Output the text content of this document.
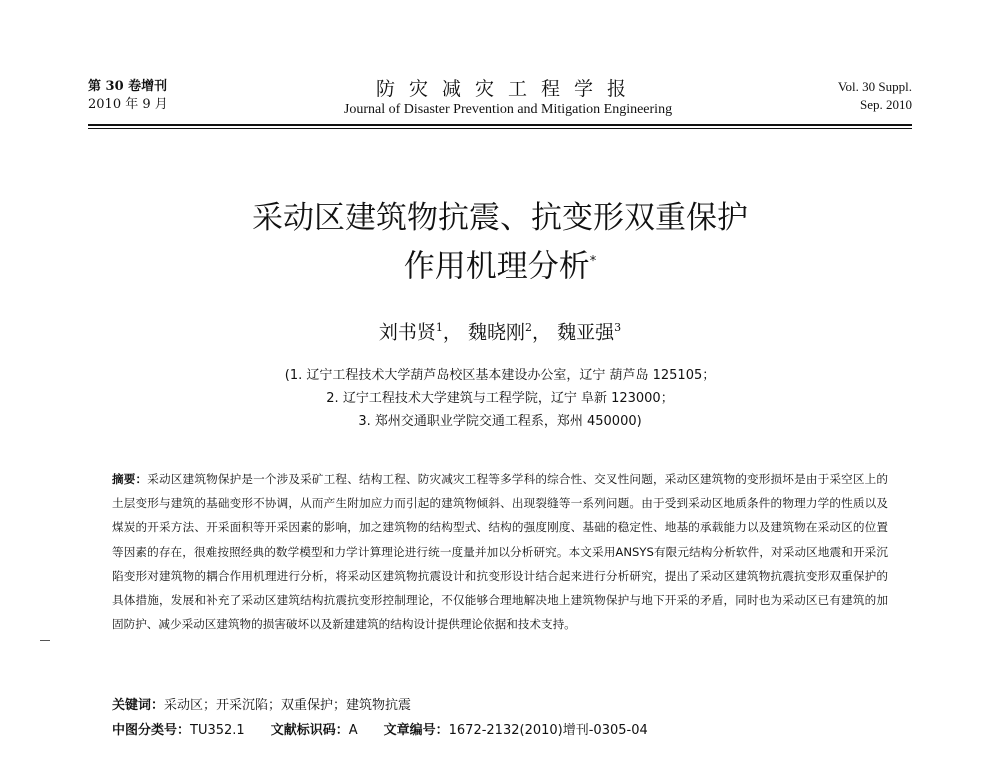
第 30 卷增刊
2010 年 9 月
防灾减灾工程学报
Journal of Disaster Prevention and Mitigation Engineering
Vol. 30 Suppl.
Sep. 2010
采动区建筑物抗震、抗变形双重保护
作用机理分析*
刘书贤$^1$， 魏晓刚$^2$， 魏亚强$^3$
(1. 辽宁工程技术大学葫芦岛校区基本建设办公室，辽宁 葫芦岛 125105；
2. 辽宁工程技术大学建筑与工程学院，辽宁 阜新 123000；
3. 郑州交通职业学院交通工程系，郑州 450000)
摘要：采动区建筑物保护是一个涉及采矿工程、结构工程、防灾减灾工程等多学科的综合性、交叉性问题，采动区建筑物的变形损坏是由于采空区上的土层变形与建筑的基础变形不协调，从而产生附加应力而引起的建筑物倾斜、出现裂缝等一系列问题。由于受到采动区地质条件的物理力学的性质以及煤炭的开采方法、开采面积等开采因素的影响，加之建筑物的结构型式、结构的强度刚度、基础的稳定性、地基的承载能力以及建筑物在采动区的位置等因素的存在，很难按照经典的数学模型和力学计算理论进行统一度量并加以分析研究。本文采用ANSYS有限元结构分析软件，对采动区地震和开采沉陷变形对建筑物的耦合作用机理进行分析，将采动区建筑物抗震设计和抗变形设计结合起来进行分析研究，提出了采动区建筑物抗震抗变形双重保护的具体措施，发展和补充了采动区建筑结构抗震抗变形控制理论，不仅能够合理地解决地上建筑物保护与地下开采的矛盾，同时也为采动区已有建筑的加固防护、减少采动区建筑物的损害破坏以及新建建筑的结构设计提供理论依据和技术支持。
关键词：采动区；开采沉陷；双重保护；建筑物抗震
中图分类号：TU352.1 文献标识码：A 文章编号：1672-2132(2010)增刊-0305-04
